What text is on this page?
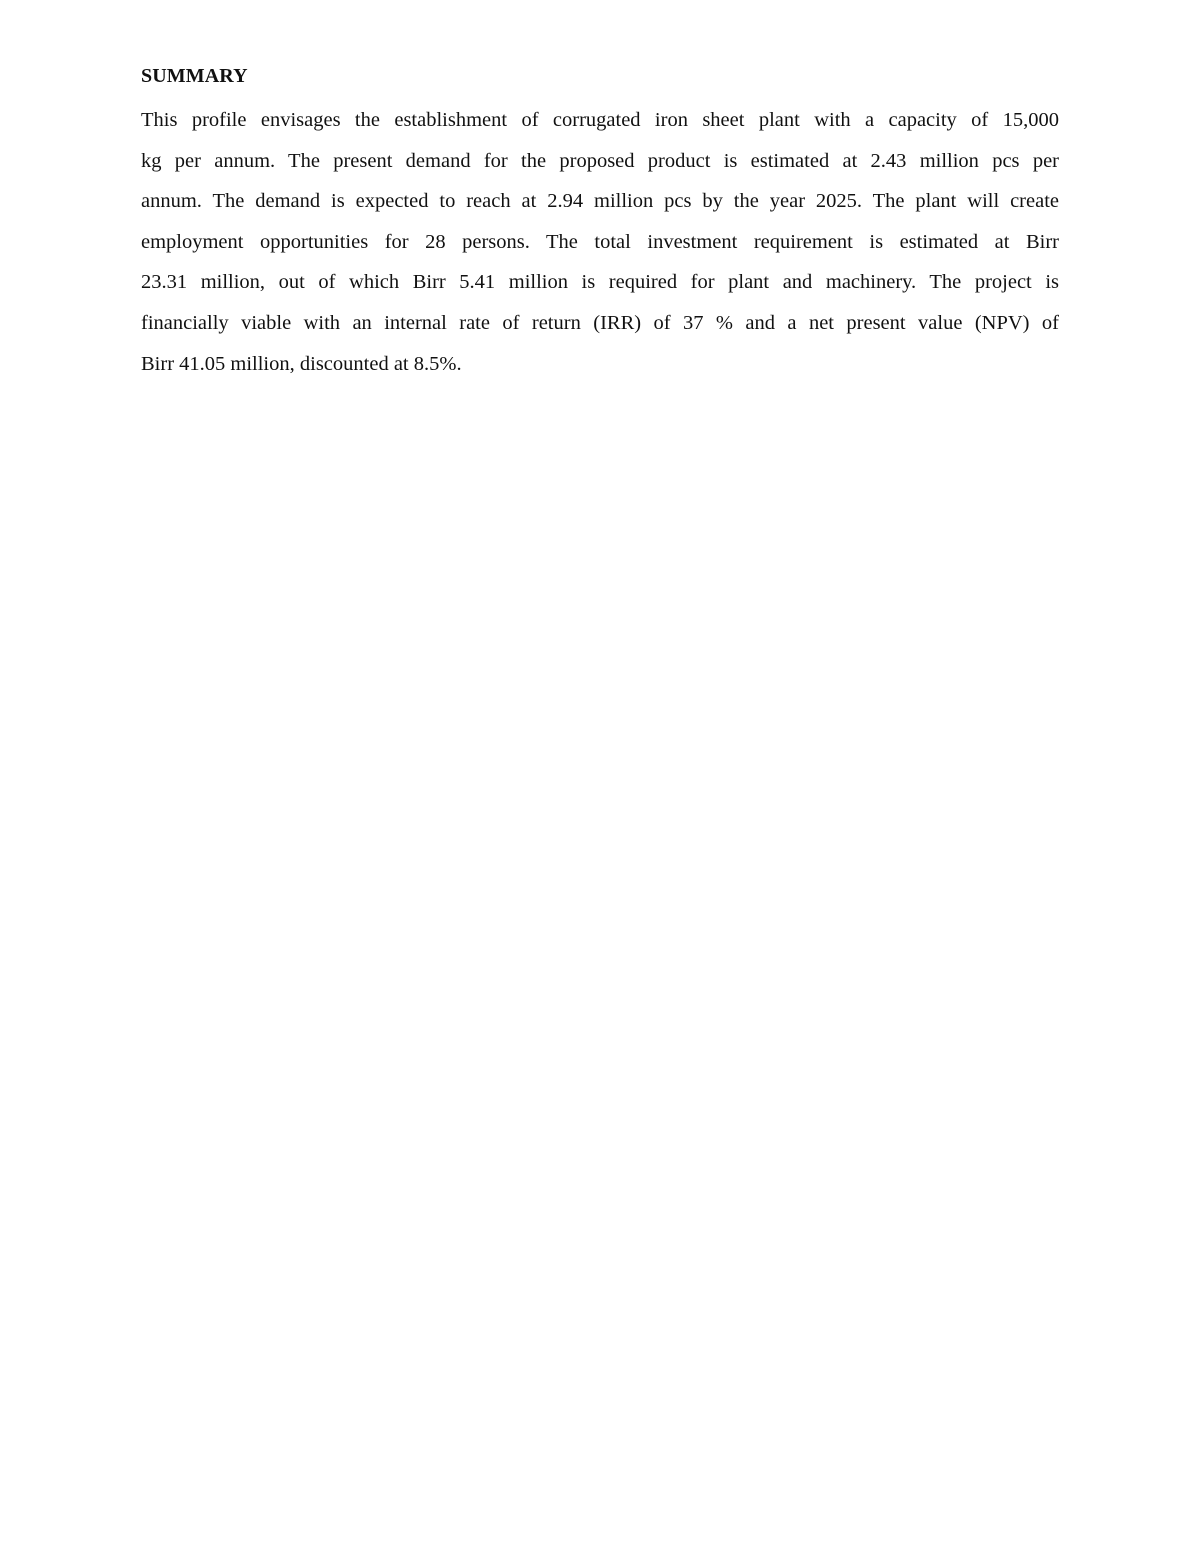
SUMMARY
This profile envisages the establishment of corrugated iron sheet plant with a capacity of 15,000
kg per annum. The present demand for the proposed product is estimated at 2.43 million pcs per
annum. The demand is expected to reach at 2.94 million pcs by the year 2025. The plant will create
employment opportunities for 28 persons. The total investment requirement is estimated at Birr
23.31 million, out of which Birr 5.41 million is required for plant and machinery. The project is
financially viable with an internal rate of return (IRR) of 37 % and a net present value (NPV) of
Birr 41.05 million, discounted at 8.5%.
